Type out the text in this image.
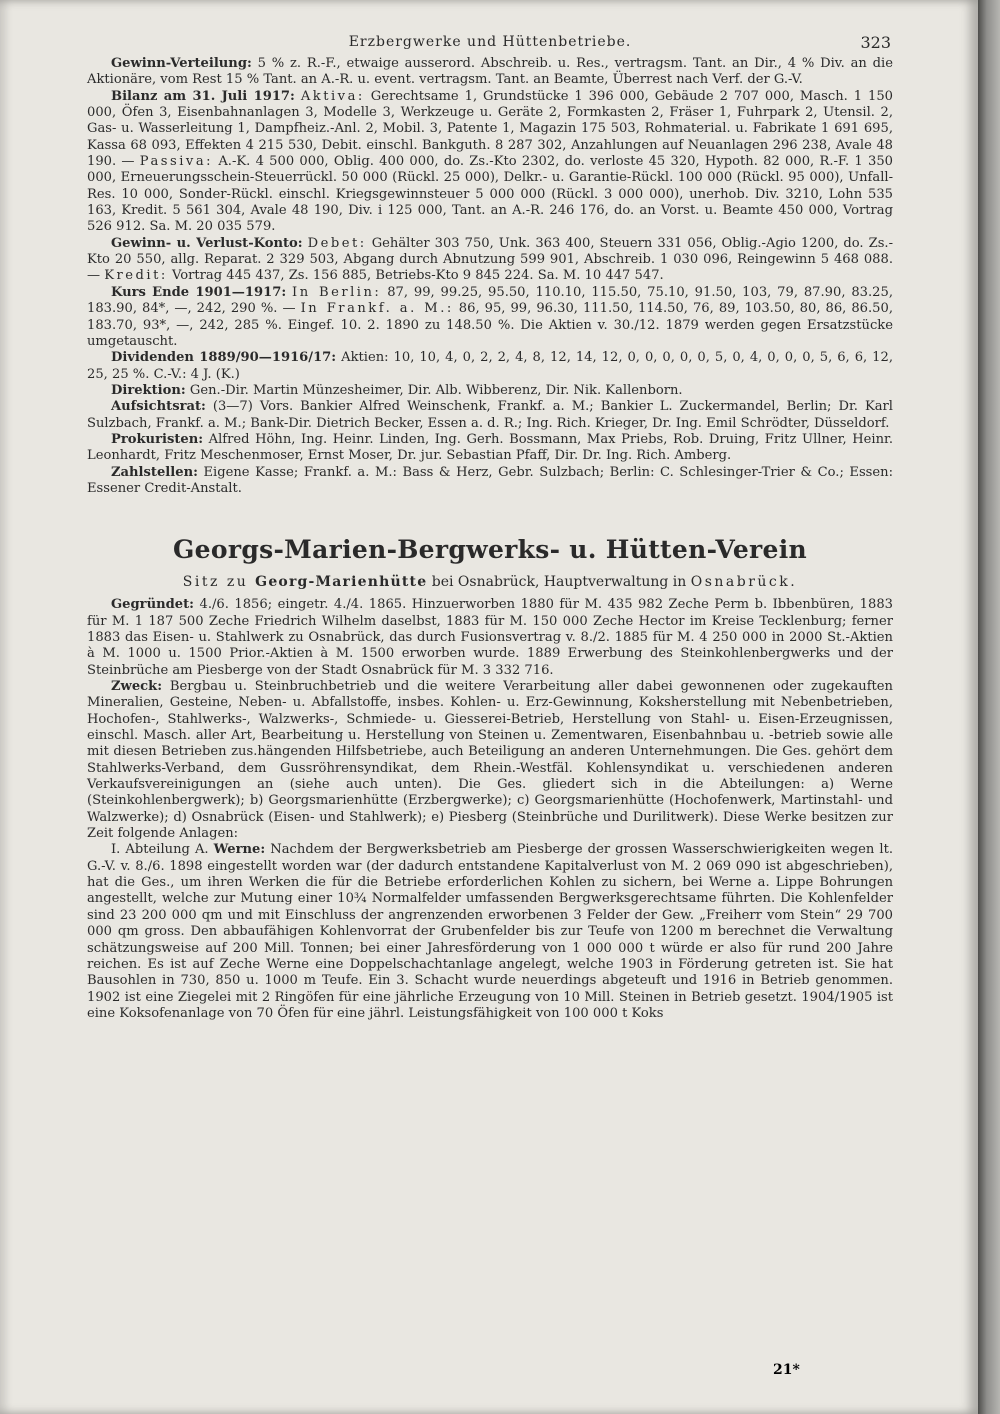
Erzbergwerke und Hüttenbetriebe.	323

Gewinn-Verteilung: 5 % z. R.-F., etwaige ausserord. Abschreib. u. Res., vertragsm. Tant. an Dir., 4 % Div. an die Aktionäre, vom Rest 15 % Tant. an A.-R. u. event. vertragsm. Tant. an Beamte, Überrest nach Verf. der G.-V.

Bilanz am 31. Juli 1917: Aktiva: Gerechtsame 1, Grundstücke 1 396 000, Gebäude 2 707 000, Masch. 1 150 000, Öfen 3, Eisenbahnanlagen 3, Modelle 3, Werkzeuge u. Geräte 2, Formkasten 2, Fräser 1, Fuhrpark 2, Utensil. 2, Gas- u. Wasserleitung 1, Dampfheiz.-Anl. 2, Mobil. 3, Patente 1, Magazin 175 503, Rohmaterial. u. Fabrikate 1 691 695, Kassa 68 093, Effekten 4 215 530, Debit. einschl. Bankguth. 8 287 302, Anzahlungen auf Neuanlagen 296 238, Avale 48 190. — Passiva: A.-K. 4 500 000, Oblig. 400 000, do. Zs.-Kto 2302, do. verloste 45 320, Hypoth. 82 000, R.-F. 1 350 000, Erneuerungsschein-Steuerrückl. 50 000 (Rückl. 25 000), Delkr.- u. Garantie-Rückl. 100 000 (Rückl. 95 000), Unfall-Res. 10 000, Sonder-Rückl. einschl. Kriegsgewinnsteuer 5 000 000 (Rückl. 3 000 000), unerhob. Div. 3210, Lohn 535 163, Kredit. 5 561 304, Avale 48 190, Div. i 125 000, Tant. an A.-R. 246 176, do. an Vorst. u. Beamte 450 000, Vortrag 526 912. Sa. M. 20 035 579.

Gewinn- u. Verlust-Konto: Debet: Gehälter 303 750, Unk. 363 400, Steuern 331 056, Oblig.-Agio 1200, do. Zs.-Kto 20 550, allg. Reparat. 2 329 503, Abgang durch Abnutzung 599 901, Abschreib. 1 030 096, Reingewinn 5 468 088. — Kredit: Vortrag 445 437, Zs. 156 885, Betriebs-Kto 9 845 224. Sa. M. 10 447 547.

Kurs Ende 1901—1917: In Berlin: 87, 99, 99.25, 95.50, 110.10, 115.50, 75.10, 91.50, 103, 79, 87.90, 83.25, 183.90, 84*, —, 242, 290 %. — In Frankf. a. M.: 86, 95, 99, 96.30, 111.50, 114.50, 76, 89, 103.50, 80, 86, 86.50, 183.70, 93*, —, 242, 285 %. Eingef. 10. 2. 1890 zu 148.50 %. Die Aktien v. 30./12. 1879 werden gegen Ersatzstücke umgetauscht.

Dividenden 1889/90—1916/17: Aktien: 10, 10, 4, 0, 2, 2, 4, 8, 12, 14, 12, 0, 0, 0, 0, 0, 5, 0, 4, 0, 0, 0, 5, 6, 6, 12, 25, 25 %. C.-V.: 4 J. (K.)

Direktion: Gen.-Dir. Martin Münzesheimer, Dir. Alb. Wibberenz, Dir. Nik. Kallenborn.

Aufsichtsrat: (3—7) Vors. Bankier Alfred Weinschenk, Frankf. a. M.; Bankier L. Zuckermandel, Berlin; Dr. Karl Sulzbach, Frankf. a. M.; Bank-Dir. Dietrich Becker, Essen a. d. R.; Ing. Rich. Krieger, Dr. Ing. Emil Schrödter, Düsseldorf.

Prokuristen: Alfred Höhn, Ing. Heinr. Linden, Ing. Gerh. Bossmann, Max Priebs, Rob. Druing, Fritz Ullner, Heinr. Leonhardt, Fritz Meschenmoser, Ernst Moser, Dr. jur. Sebastian Pfaff, Dir. Dr. Ing. Rich. Amberg.

Zahlstellen: Eigene Kasse; Frankf. a. M.: Bass & Herz, Gebr. Sulzbach; Berlin: C. Schlesinger-Trier & Co.; Essen: Essener Credit-Anstalt.

Georgs-Marien-Bergwerks- u. Hütten-Verein
Sitz zu Georg-Marienhütte bei Osnabrück, Hauptverwaltung in Osnabrück.

Gegründet: 4./6. 1856; eingetr. 4./4. 1865. Hinzuerworben 1880 für M. 435 982 Zeche Perm b. Ibbenbüren, 1883 für M. 1 187 500 Zeche Friedrich Wilhelm daselbst, 1883 für M. 150 000 Zeche Hector im Kreise Tecklenburg; ferner 1883 das Eisen- u. Stahlwerk zu Osnabrück, das durch Fusionsvertrag v. 8./2. 1885 für M. 4 250 000 in 2000 St.-Aktien à M. 1000 u. 1500 Prior.-Aktien à M. 1500 erworben wurde. 1889 Erwerbung des Steinkohlenbergwerks und der Steinbrüche am Piesberge von der Stadt Osnabrück für M. 3 332 716.

Zweck: Bergbau u. Steinbruchbetrieb und die weitere Verarbeitung aller dabei gewonnenen oder zugekauften Mineralien, Gesteine, Neben- u. Abfallstoffe, insbes. Kohlen- u. Erz-Gewinnung, Koksherstellung mit Nebenbetrieben, Hochofen-, Stahlwerks-, Walzwerks-, Schmiede- u. Giesserei-Betrieb, Herstellung von Stahl- u. Eisen-Erzeugnissen, einschl. Masch. aller Art, Bearbeitung u. Herstellung von Steinen u. Zementwaren, Eisenbahnbau u. -betrieb sowie alle mit diesen Betrieben zus.hängenden Hilfsbetriebe, auch Beteiligung an anderen Unternehmungen. Die Ges. gehört dem Stahlwerks-Verband, dem Gussröhrensyndikat, dem Rhein.-Westfäl. Kohlensyndikat u. verschiedenen anderen Verkaufsvereinigungen an (siehe auch unten). Die Ges. gliedert sich in die Abteilungen: a) Werne (Steinkohlenbergwerk); b) Georgsmarienhütte (Erzbergwerke); c) Georgsmarienhütte (Hochofenwerk, Martinstahl- und Walzwerke); d) Osnabrück (Eisen- und Stahlwerk); e) Piesberg (Steinbrüche und Durilitwerk). Diese Werke besitzen zur Zeit folgende Anlagen:

I. Abteilung A. Werne: Nachdem der Bergwerksbetrieb am Piesberge der grossen Wasserschwierigkeiten wegen lt. G.-V. v. 8./6. 1898 eingestellt worden war (der dadurch entstandene Kapitalverlust von M. 2 069 090 ist abgeschrieben), hat die Ges., um ihren Werken die für die Betriebe erforderlichen Kohlen zu sichern, bei Werne a. Lippe Bohrungen angestellt, welche zur Mutung einer 10¾ Normalfelder umfassenden Bergwerksgerechtsame führten. Die Kohlenfelder sind 23 200 000 qm und mit Einschluss der angrenzenden erworbenen 3 Felder der Gew. „Freiherr vom Stein“ 29 700 000 qm gross. Den abbaufähigen Kohlenvorrat der Grubenfelder bis zur Teufe von 1200 m berechnet die Verwaltung schätzungsweise auf 200 Mill. Tonnen; bei einer Jahresförderung von 1 000 000 t würde er also für rund 200 Jahre reichen. Es ist auf Zeche Werne eine Doppelschachtanlage angelegt, welche 1903 in Förderung getreten ist. Sie hat Bausohlen in 730, 850 u. 1000 m Teufe. Ein 3. Schacht wurde neuerdings abgeteuft und 1916 in Betrieb genommen. 1902 ist eine Ziegelei mit 2 Ringöfen für eine jährliche Erzeugung von 10 Mill. Steinen in Betrieb gesetzt. 1904/1905 ist eine Koksofenanlage von 70 Öfen für eine jährl. Leistungsfähigkeit von 100 000 t Koks

21*
